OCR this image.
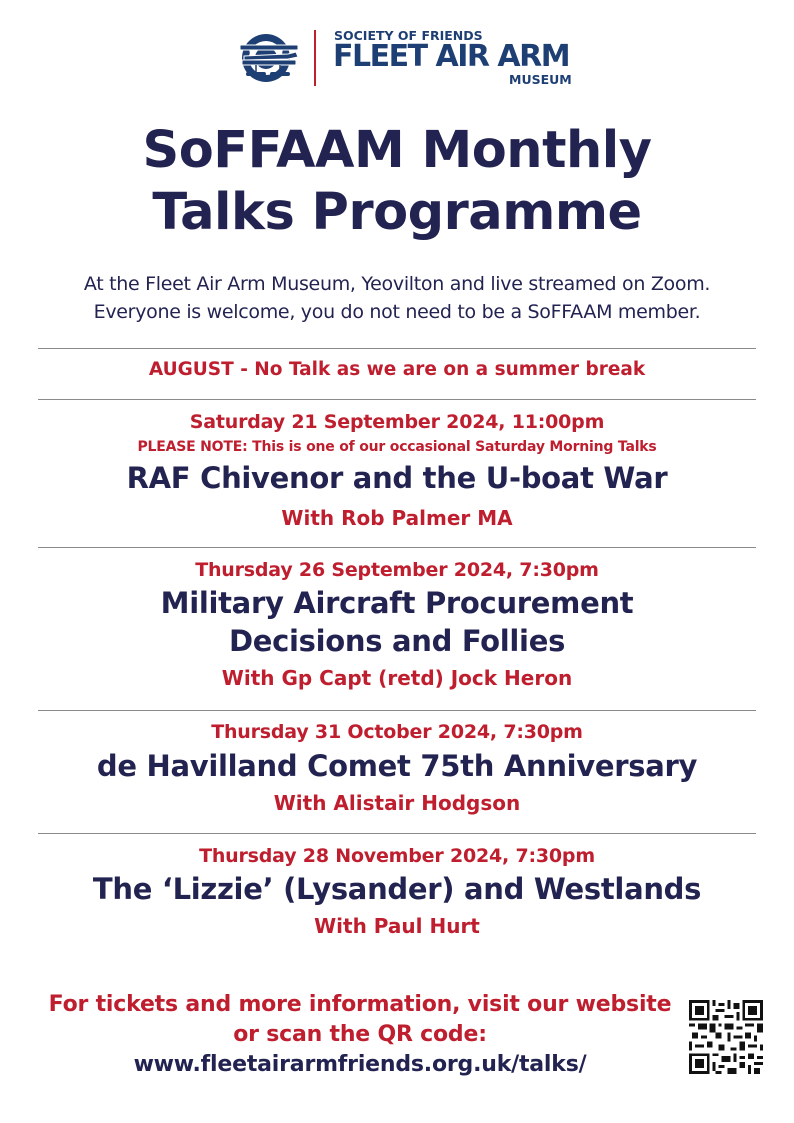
SOCIETY OF FRIENDS
FLEET AIR ARM
MUSEUM
SoFFAAM Monthly
Talks Programme
At the Fleet Air Arm Museum, Yeovilton and live streamed on Zoom.
Everyone is welcome, you do not need to be a SoFFAAM member.
AUGUST - No Talk as we are on a summer break
Saturday 21 September 2024, 11:00pm
PLEASE NOTE: This is one of our occasional Saturday Morning Talks
RAF Chivenor and the U-boat War
With Rob Palmer MA
Thursday 26 September 2024, 7:30pm
Military Aircraft Procurement
Decisions and Follies
With Gp Capt (retd) Jock Heron
Thursday 31 October 2024, 7:30pm
de Havilland Comet 75th Anniversary
With Alistair Hodgson
Thursday 28 November 2024, 7:30pm
The ‘Lizzie’ (Lysander) and Westlands
With Paul Hurt
For tickets and more information, visit our website
or scan the QR code:
www.fleetairarmfriends.org.uk/talks/
